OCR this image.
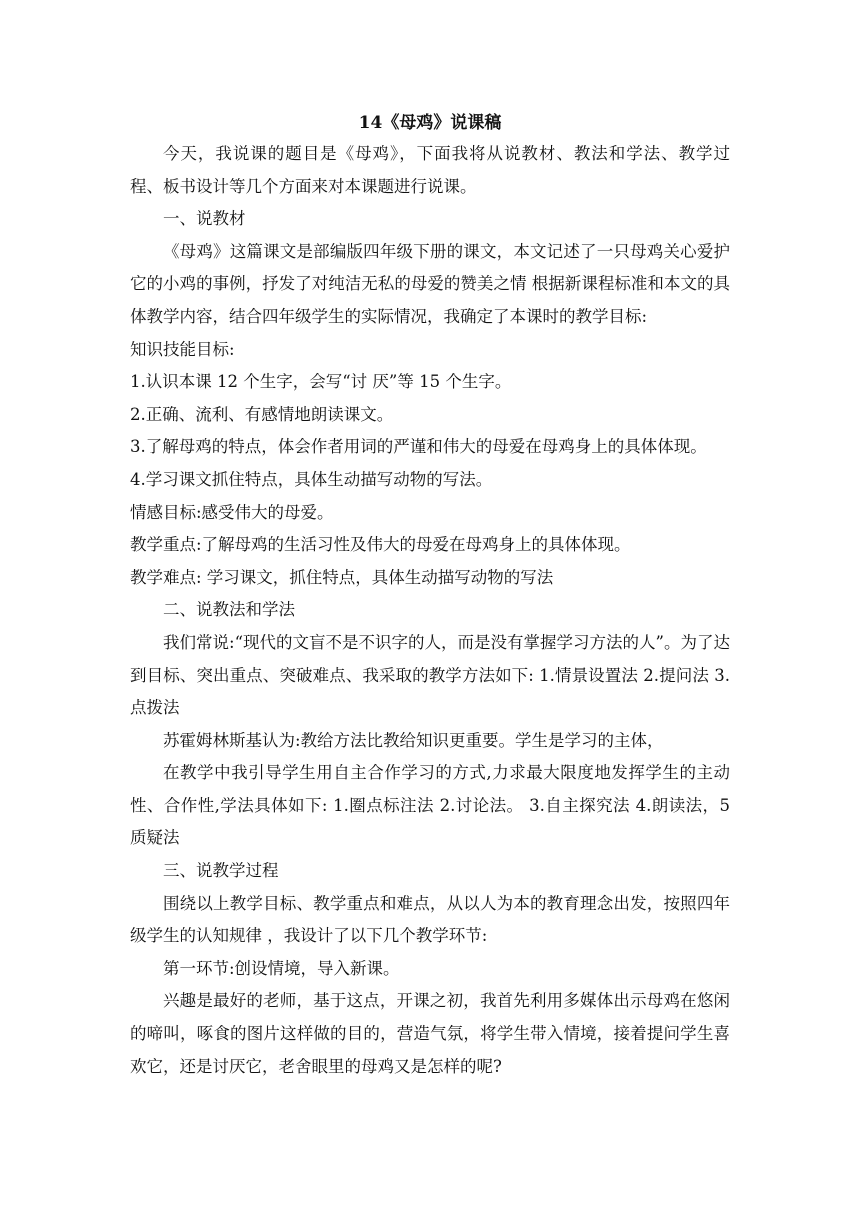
14《母鸡》说课稿

今天，我说课的题目是《母鸡》，下面我将从说教材、教法和学法、教学过程、板书设计等几个方面来对本课题进行说课。

一、说教材

《母鸡》这篇课文是部编版四年级下册的课文，本文记述了一只母鸡关心爱护它的小鸡的事例，抒发了对纯洁无私的母爱的赞美之情 根据新课程标准和本文的具体教学内容，结合四年级学生的实际情况，我确定了本课时的教学目标:

知识技能目标:

1.认识本课 12 个生字，会写“讨 厌”等 15 个生字。

2.正确、流利、有感情地朗读课文。

3.了解母鸡的特点，体会作者用词的严谨和伟大的母爱在母鸡身上的具体体现。

4.学习课文抓住特点，具体生动描写动物的写法。

情感目标:感受伟大的母爱。

教学重点:了解母鸡的生活习性及伟大的母爱在母鸡身上的具体体现。

教学难点: 学习课文，抓住特点，具体生动描写动物的写法

二、说教法和学法

我们常说:“现代的文盲不是不识字的人，而是没有掌握学习方法的人”。为了达到目标、突出重点、突破难点、我采取的教学方法如下: 1.情景设置法 2.提问法 3.点拨法

苏霍姆林斯基认为:教给方法比教给知识更重要。学生是学习的主体，

在教学中我引导学生用自主合作学习的方式,力求最大限度地发挥学生的主动性、合作性,学法具体如下: 1.圈点标注法 2.讨论法。 3.自主探究法 4.朗读法，5 质疑法

三、说教学过程

围绕以上教学目标、教学重点和难点，从以人为本的教育理念出发，按照四年级学生的认知规律 ，我设计了以下几个教学环节:

第一环节:创设情境，导入新课。

兴趣是最好的老师，基于这点，开课之初，我首先利用多媒体出示母鸡在悠闲的啼叫，啄食的图片这样做的目的，营造气氛，将学生带入情境，接着提问学生喜欢它，还是讨厌它，老舍眼里的母鸡又是怎样的呢?
